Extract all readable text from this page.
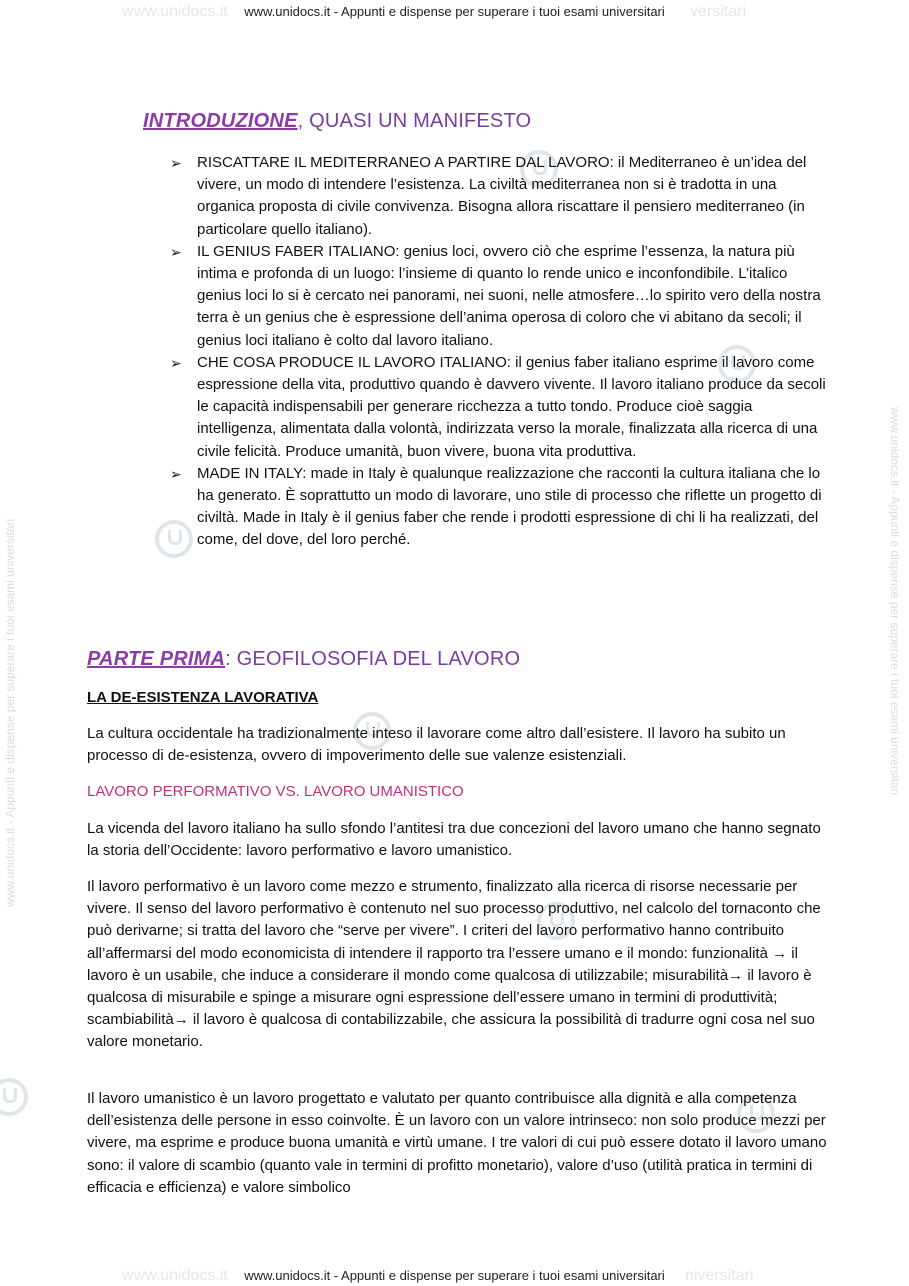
www.unidocs.it - Appunti e dispense per superare i tuoi esami universitari	www.unidocs.it - Appunti e dispense per superare i tuoi esami universitari
www.unidocs.it www.unidocs.it - Appunti e dispense per superare i tuoi esami universitari versitari
INTRODUZIONE, QUASI UN MANIFESTO
➢ RISCATTARE IL MEDITERRANEO A PARTIRE DAL LAVORO: il Mediterraneo è un’idea del vivere, un modo di intendere l’esistenza. La civiltà mediterranea non si è tradotta in una organica proposta di civile convivenza. Bisogna allora riscattare il pensiero mediterraneo (in particolare quello italiano).
➢ IL GENIUS FABER ITALIANO: genius loci, ovvero ciò che esprime l’essenza, la natura più intima e profonda di un luogo: l’insieme di quanto lo rende unico e inconfondibile. L’italico genius loci lo si è cercato nei panorami, nei suoni, nelle atmosfere…lo spirito vero della nostra terra è un genius che è espressione dell’anima operosa di coloro che vi abitano da secoli; il genius loci italiano è colto dal lavoro italiano.
➢ CHE COSA PRODUCE IL LAVORO ITALIANO: il genius faber italiano esprime il lavoro come espressione della vita, produttivo quando è davvero vivente. Il lavoro italiano produce da secoli le capacità indispensabili per generare ricchezza a tutto tondo. Produce cioè saggia intelligenza, alimentata dalla volontà, indirizzata verso la morale, finalizzata alla ricerca di una civile felicità. Produce umanità, buon vivere, buona vita produttiva.
➢ MADE IN ITALY: made in Italy è qualunque realizzazione che racconti la cultura italiana che lo ha generato. È soprattutto un modo di lavorare, uno stile di processo che riflette un progetto di civiltà. Made in Italy è il genius faber che rende i prodotti espressione di chi li ha realizzati, del come, del dove, del loro perché.
PARTE PRIMA: GEOFILOSOFIA DEL LAVORO
LA DE-ESISTENZA LAVORATIVA

La cultura occidentale ha tradizionalmente inteso il lavorare come altro dall’esistere. Il lavoro ha subito un processo di de-esistenza, ovvero di impoverimento delle sue valenze esistenziali.

LAVORO PERFORMATIVO VS. LAVORO UMANISTICO

La vicenda del lavoro italiano ha sullo sfondo l’antitesi tra due concezioni del lavoro umano che hanno segnato la storia dell’Occidente: lavoro performativo e lavoro umanistico.

Il lavoro performativo è un lavoro come mezzo e strumento, finalizzato alla ricerca di risorse necessarie per vivere. Il senso del lavoro performativo è contenuto nel suo processo produttivo, nel calcolo del tornaconto che può derivarne; si tratta del lavoro che “serve per vivere”. I criteri del lavoro performativo hanno contribuito all’affermarsi del modo economicista di intendere il rapporto tra l’essere umano e il mondo: funzionalità → il lavoro è un usabile, che induce a considerare il mondo come qualcosa di utilizzabile; misurabilità→ il lavoro è qualcosa di misurabile e spinge a misurare ogni espressione dell’essere umano in termini di produttività; scambiabilità→ il lavoro è qualcosa di contabilizzabile, che assicura la possibilità di tradurre ogni cosa nel suo valore monetario.

Il lavoro umanistico è un lavoro progettato e valutato per quanto contribuisce alla dignità e alla competenza dell’esistenza delle persone in esso coinvolte. È un lavoro con un valore intrinseco: non solo produce mezzi per vivere, ma esprime e produce buona umanità e virtù umane. I tre valori di cui può essere dotato il lavoro umano sono: il valore di scambio (quanto vale in termini di profitto monetario), valore d’uso (utilità pratica in termini di efficacia e efficienza) e valore simbolico

www.unidocs.it www.unidocs.it - Appunti e dispense per superare i tuoi esami universitari niversitari
